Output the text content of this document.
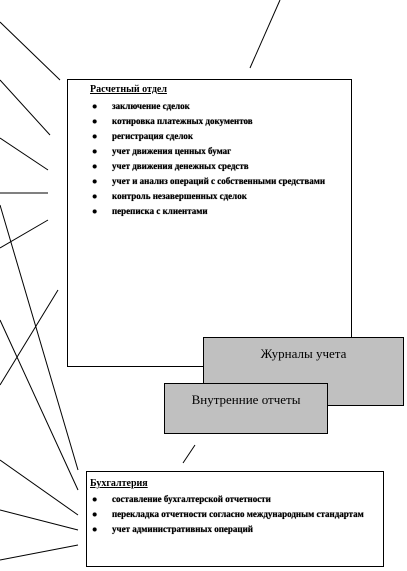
Расчетный отдел
● заключение сделок
● котировка платежных документов
● регистрация сделок
● учет движения ценных бумаг
● учет движения денежных средств
● учет и анализ операций с собственными средствами
● контроль незавершенных сделок
● переписка с клиентами
Журналы учета
Внутренние отчеты
Бухгалтерия
● составление бухгалтерской отчетности
● перекладка отчетности согласно международным стандартам
● учет административных операций
